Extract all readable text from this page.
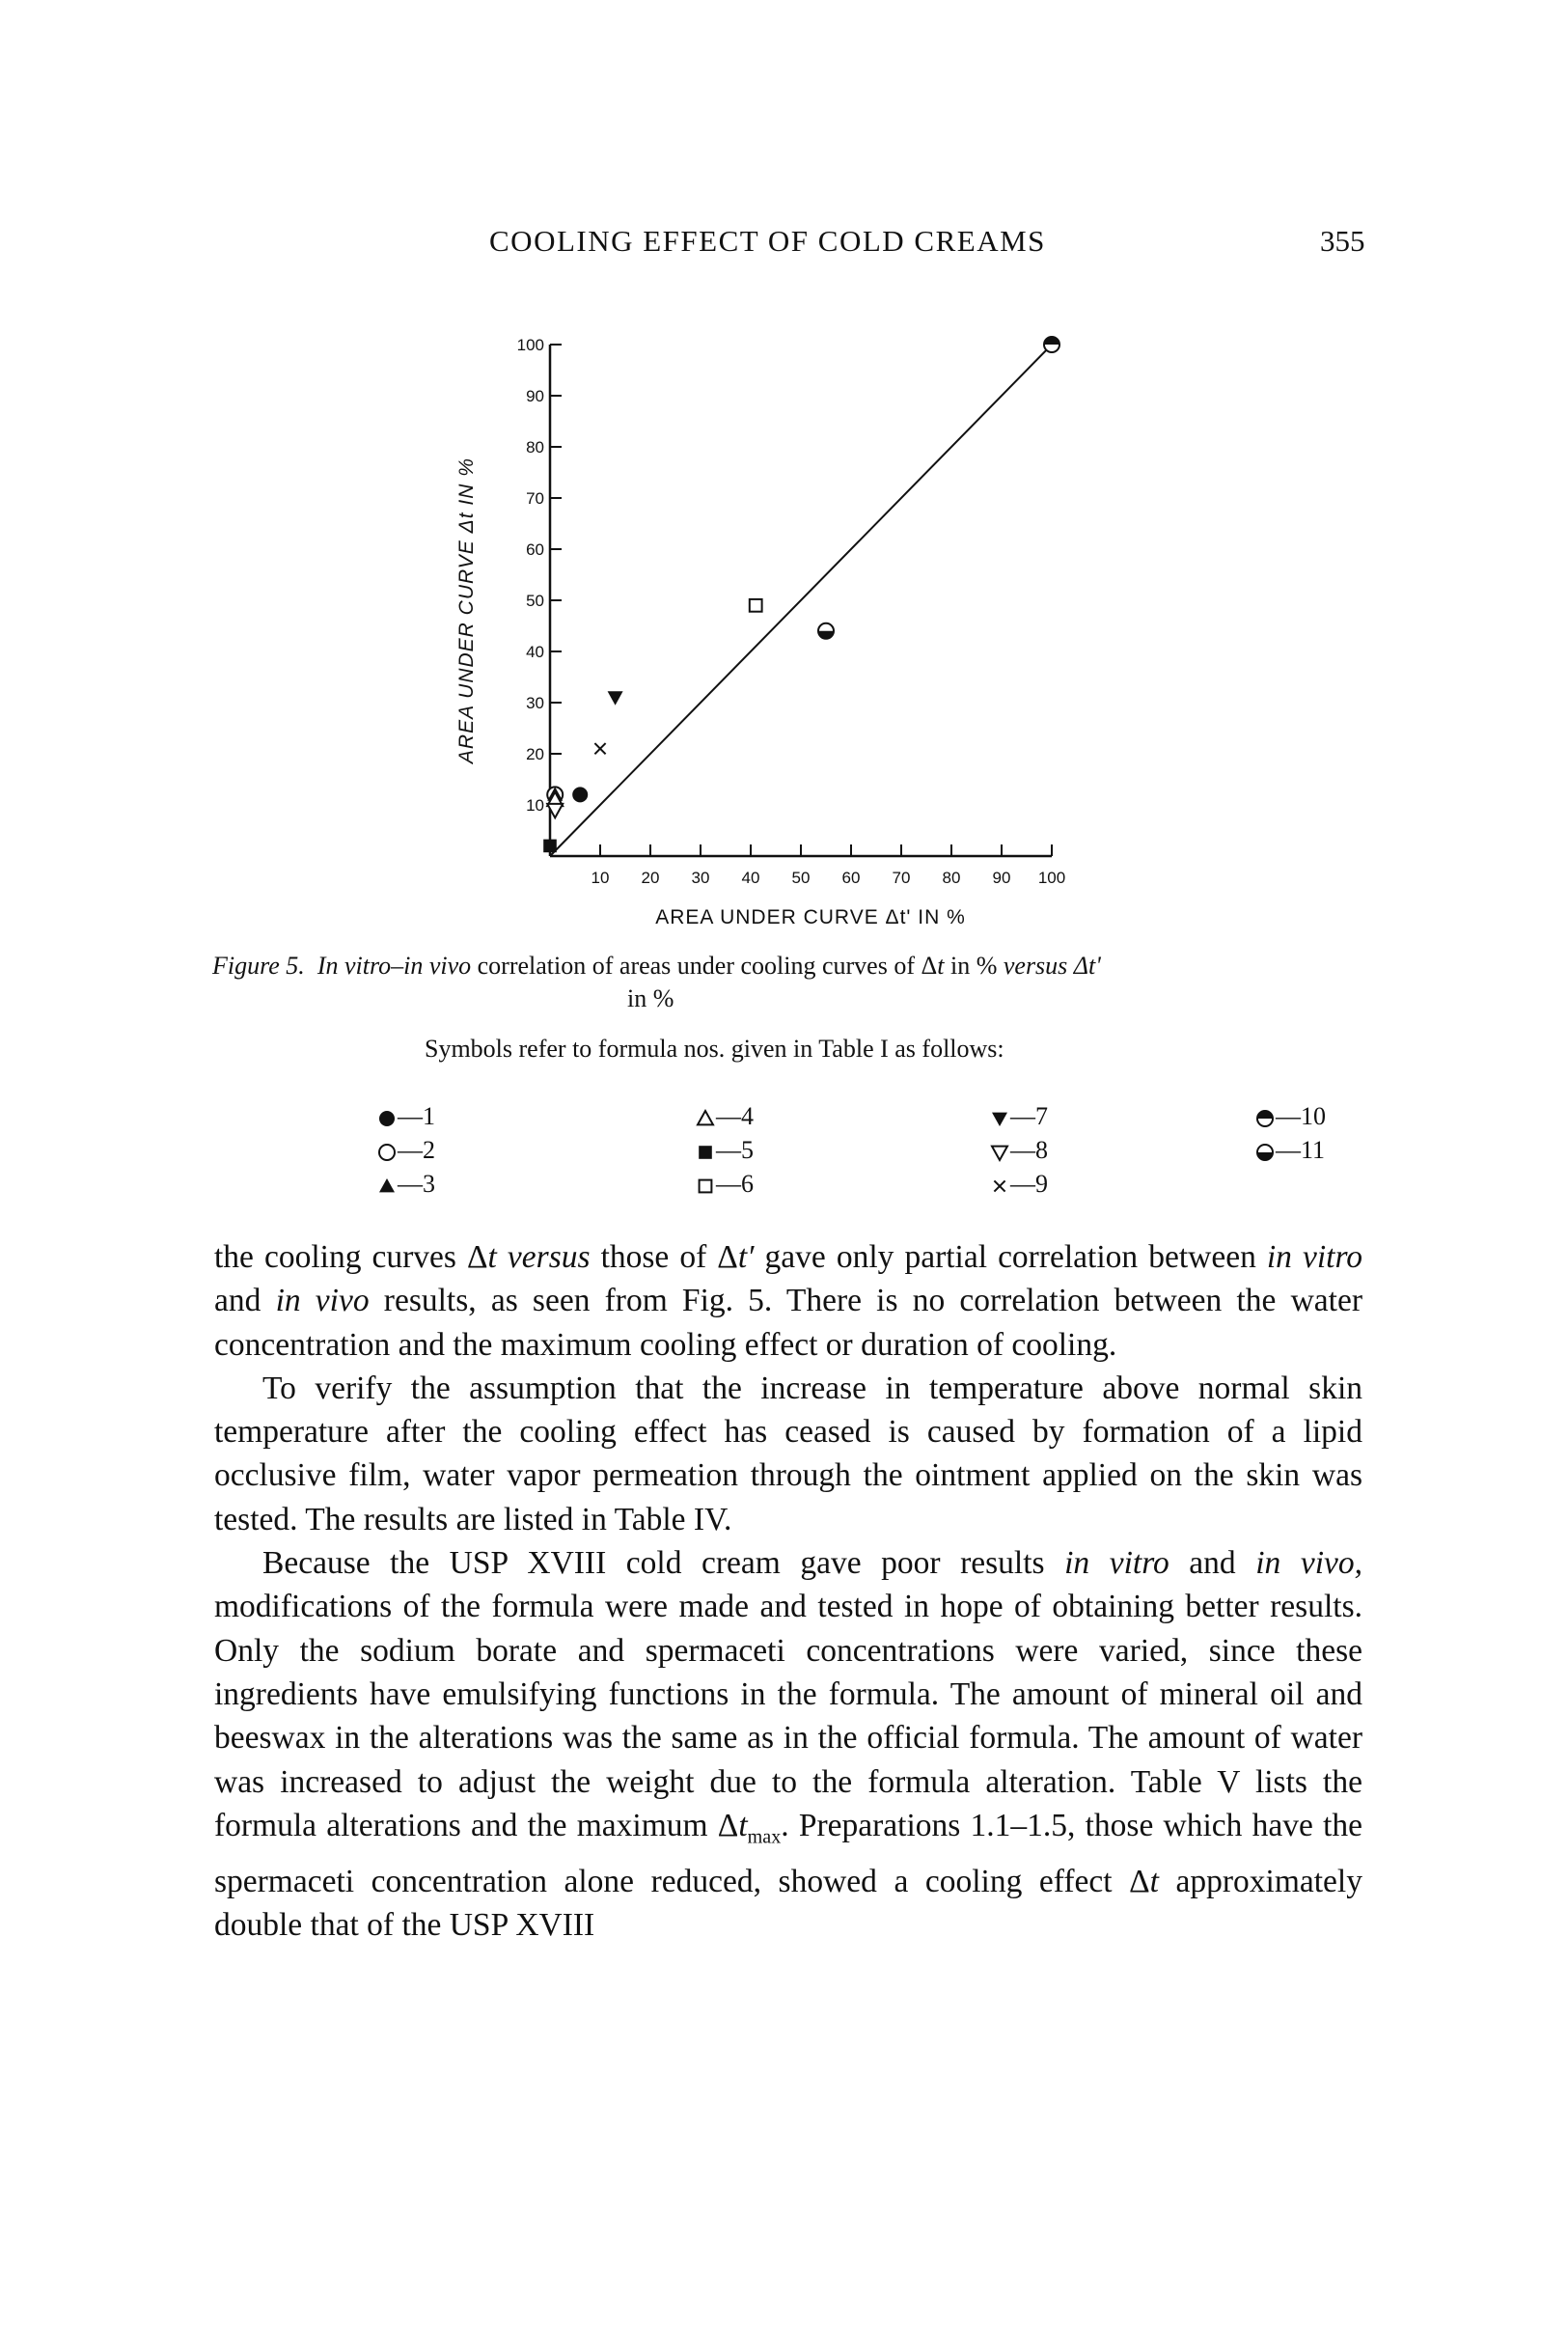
COOLING EFFECT OF COLD CREAMS	355
10
20
30
40
50
60
70
80
90
100
10 20 30 40 50 60 70 80 90 100
AREA UNDER CURVE Δt' IN %
AREA UNDER CURVE Δt IN %
Figure 5. In vitro–in vivo correlation of areas under cooling curves of Δt in % versus Δt'
in %
Symbols refer to formula nos. given in Table I as follows:
—1
—2
—3
—4
—5
—6
—7
—8
—9
—10
—11

the cooling curves Δt versus those of Δt′ gave only partial correlation between in vitro and in vivo results, as seen from Fig. 5. There is no correlation between the water concentration and the maximum cooling effect or duration of cooling.

To verify the assumption that the increase in temperature above normal skin temperature after the cooling effect has ceased is caused by formation of a lipid occlusive film, water vapor permeation through the ointment applied on the skin was tested. The results are listed in Table IV.

Because the USP XVIII cold cream gave poor results in vitro and in vivo, modifications of the formula were made and tested in hope of obtaining better results. Only the sodium borate and spermaceti concentrations were varied, since these ingredients have emulsifying functions in the formula. The amount of mineral oil and beeswax in the alterations was the same as in the official formula. The amount of water was increased to adjust the weight due to the formula alteration. Table V lists the formula alterations and the maximum $\Delta t_{max}$. Preparations 1.1–1.5, those which have the spermaceti concentration alone reduced, showed a cooling effect Δt approximately double that of the USP XVIII
